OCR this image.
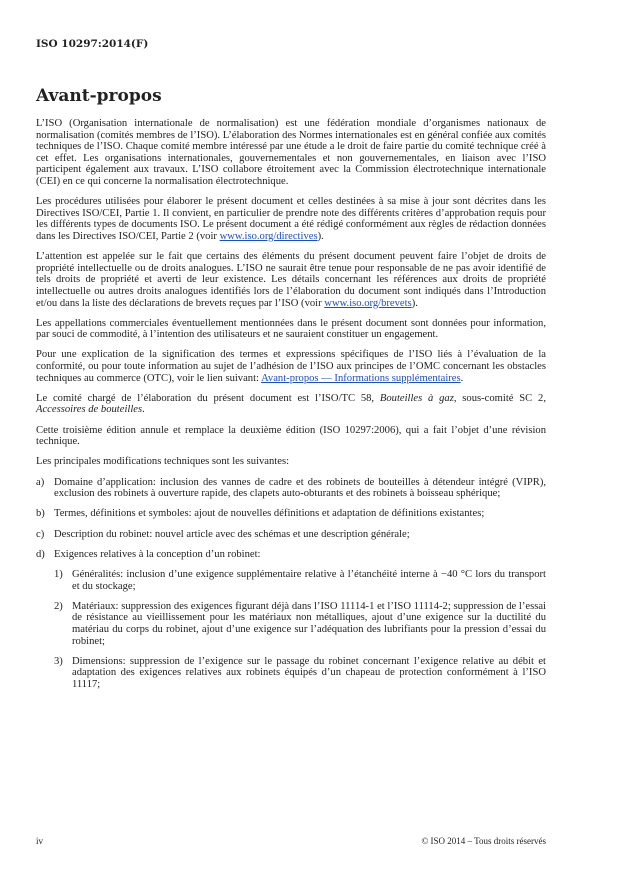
ISO 10297:2014(F)
Avant-propos

L’ISO (Organisation internationale de normalisation) est une fédération mondiale d’organismes nationaux de normalisation (comités membres de l’ISO). L’élaboration des Normes internationales est en général confiée aux comités techniques de l’ISO. Chaque comité membre intéressé par une étude a le droit de faire partie du comité technique créé à cet effet. Les organisations internationales, gouvernementales et non gouvernementales, en liaison avec l’ISO participent également aux travaux. L’ISO collabore étroitement avec la Commission électrotechnique internationale (CEI) en ce qui concerne la normalisation électrotechnique.

Les procédures utilisées pour élaborer le présent document et celles destinées à sa mise à jour sont décrites dans les Directives ISO/CEI, Partie 1. Il convient, en particulier de prendre note des différents critères d’approbation requis pour les différents types de documents ISO. Le présent document a été rédigé conformément aux règles de rédaction données dans les Directives ISO/CEI, Partie 2 (voir www.iso.org/directives).

L’attention est appelée sur le fait que certains des éléments du présent document peuvent faire l’objet de droits de propriété intellectuelle ou de droits analogues. L’ISO ne saurait être tenue pour responsable de ne pas avoir identifié de tels droits de propriété et averti de leur existence. Les détails concernant les références aux droits de propriété intellectuelle ou autres droits analogues identifiés lors de l’élaboration du document sont indiqués dans l’Introduction et/ou dans la liste des déclarations de brevets reçues par l’ISO (voir www.iso.org/brevets).

Les appellations commerciales éventuellement mentionnées dans le présent document sont données pour information, par souci de commodité, à l’intention des utilisateurs et ne sauraient constituer un engagement.

Pour une explication de la signification des termes et expressions spécifiques de l’ISO liés à l’évaluation de la conformité, ou pour toute information au sujet de l’adhésion de l’ISO aux principes de l’OMC concernant les obstacles techniques au commerce (OTC), voir le lien suivant: Avant-propos — Informations supplémentaires.

Le comité chargé de l’élaboration du présent document est l’ISO/TC 58, Bouteilles à gaz, sous-comité SC 2, Accessoires de bouteilles.

Cette troisième édition annule et remplace la deuxième édition (ISO 10297:2006), qui a fait l’objet d’une révision technique.

Les principales modifications techniques sont les suivantes:

a) Domaine d’application: inclusion des vannes de cadre et des robinets de bouteilles à détendeur intégré (VIPR), exclusion des robinets à ouverture rapide, des clapets auto-obturants et des robinets à boisseau sphérique;
b) Termes, définitions et symboles: ajout de nouvelles définitions et adaptation de définitions existantes;
c) Description du robinet: nouvel article avec des schémas et une description générale;
d) Exigences relatives à la conception d’un robinet:
1) Généralités: inclusion d’une exigence supplémentaire relative à l’étanchéité interne à −40 °C lors du transport et du stockage;
2) Matériaux: suppression des exigences figurant déjà dans l’ISO 11114-1 et l’ISO 11114-2; suppression de l’essai de résistance au vieillissement pour les matériaux non métalliques, ajout d’une exigence sur la ductilité du matériau du corps du robinet, ajout d’une exigence sur l’adéquation des lubrifiants pour la pression d’essai du robinet;
3) Dimensions: suppression de l’exigence sur le passage du robinet concernant l’exigence relative au débit et adaptation des exigences relatives aux robinets équipés d’un chapeau de protection conformément à l’ISO 11117;
iv	© ISO 2014 – Tous droits réservés
